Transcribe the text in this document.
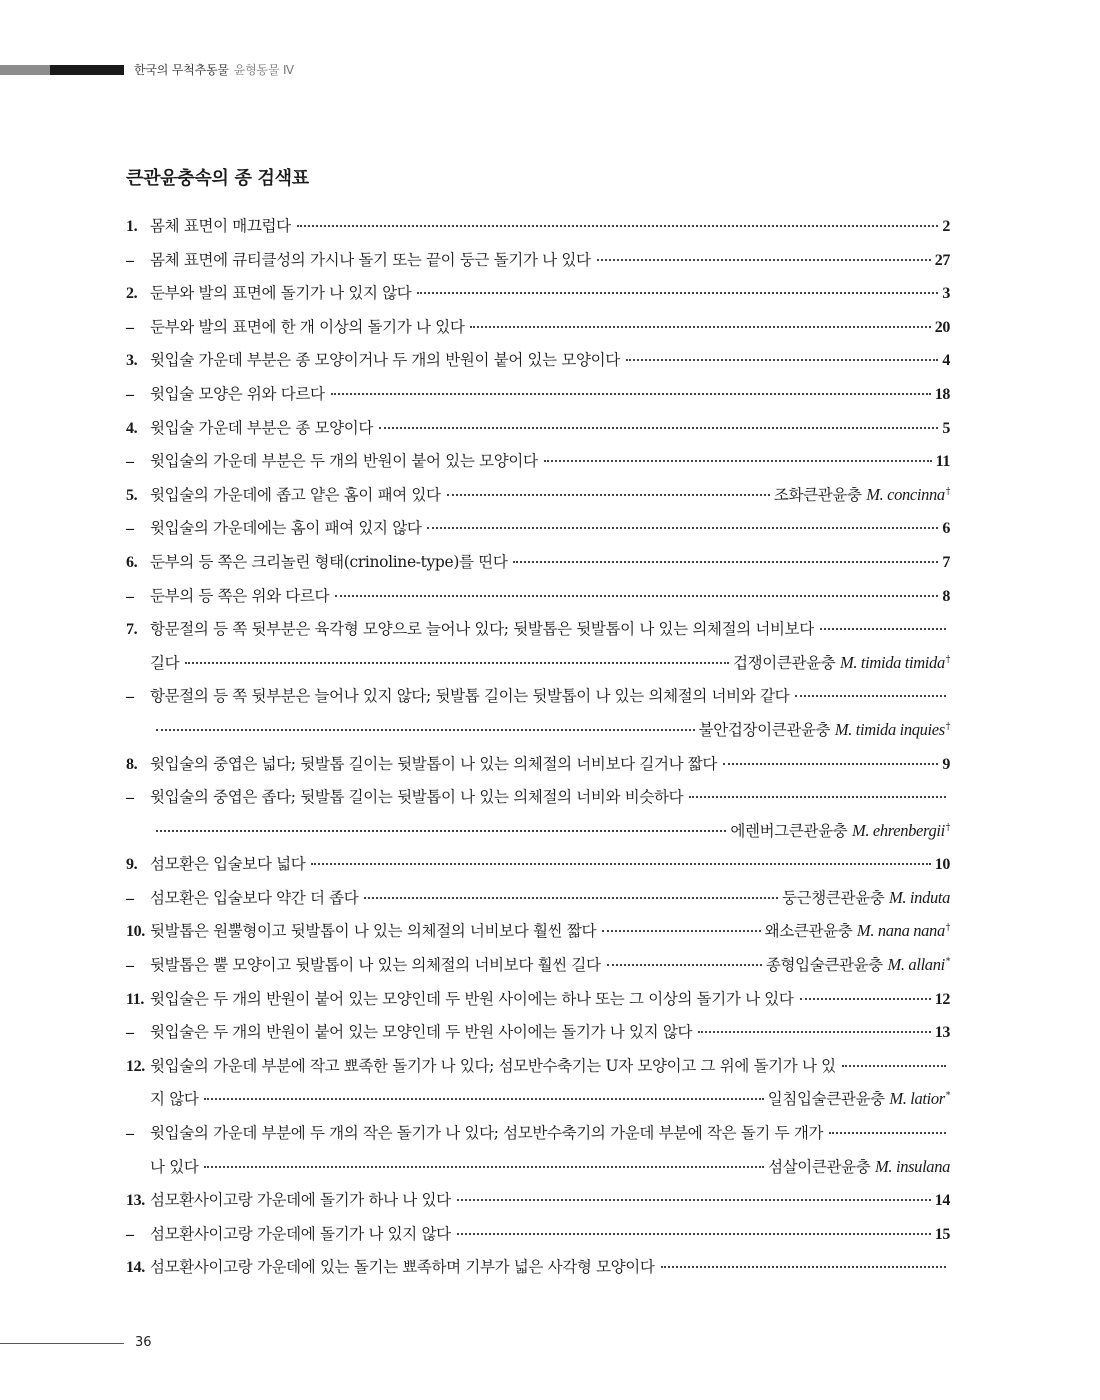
한국의 무척추동물 윤형동물 Ⅳ
큰관윤충속의 종 검색표
1. 몸체 표면이 매끄럽다	2
–	몸체 표면에 큐티클성의 가시나 돌기 또는 끝이 둥근 돌기가 나 있다	27
2. 둔부와 발의 표면에 돌기가 나 있지 않다	3
–	둔부와 발의 표면에 한 개 이상의 돌기가 나 있다	20
3. 윗입술 가운데 부분은 종 모양이거나 두 개의 반원이 붙어 있는 모양이다	4
–	윗입술 모양은 위와 다르다	18
4. 윗입술 가운데 부분은 종 모양이다	5
–	윗입술의 가운데 부분은 두 개의 반원이 붙어 있는 모양이다	11
5. 윗입술의 가운데에 좁고 얕은 홈이 패여 있다	조화큰관윤충 M. concinna†
–	윗입술의 가운데에는 홈이 패여 있지 않다	6
6. 둔부의 등 쪽은 크리놀린 형태(crinoline-type)를 띤다	7
–	둔부의 등 쪽은 위와 다르다	8
7. 항문절의 등 쪽 뒷부분은 육각형 모양으로 늘어나 있다; 뒷발톱은 뒷발톱이 나 있는 의체절의 너비보다
길다	겁쟁이큰관윤충 M. timida timida†
–	항문절의 등 쪽 뒷부분은 늘어나 있지 않다; 뒷발톱 길이는 뒷발톱이 나 있는 의체절의 너비와 같다
불안겁장이큰관윤충 M. timida inquies†
8. 윗입술의 중엽은 넓다; 뒷발톱 길이는 뒷발톱이 나 있는 의체절의 너비보다 길거나 짧다	9
–	윗입술의 중엽은 좁다; 뒷발톱 길이는 뒷발톱이 나 있는 의체절의 너비와 비슷하다
에렌버그큰관윤충 M. ehrenbergii†
9. 섬모환은 입술보다 넓다	10
–	섬모환은 입술보다 약간 더 좁다	둥근챙큰관윤충 M. induta
10. 뒷발톱은 원뿔형이고 뒷발톱이 나 있는 의체절의 너비보다 훨씬 짧다	왜소큰관윤충 M. nana nana†
–	뒷발톱은 뿔 모양이고 뒷발톱이 나 있는 의체절의 너비보다 훨씬 길다	종형입술큰관윤충 M. allani*
11. 윗입술은 두 개의 반원이 붙어 있는 모양인데 두 반원 사이에는 하나 또는 그 이상의 돌기가 나 있다	12
–	윗입술은 두 개의 반원이 붙어 있는 모양인데 두 반원 사이에는 돌기가 나 있지 않다	13
12. 윗입술의 가운데 부분에 작고 뾰족한 돌기가 나 있다; 섬모반수축기는 U자 모양이고 그 위에 돌기가 나 있
지 않다	일침입술큰관윤충 M. latior*
–	윗입술의 가운데 부분에 두 개의 작은 돌기가 나 있다; 섬모반수축기의 가운데 부분에 작은 돌기 두 개가
나 있다	섬살이큰관윤충 M. insulana
13. 섬모환사이고랑 가운데에 돌기가 하나 나 있다	14
–	섬모환사이고랑 가운데에 돌기가 나 있지 않다	15
14. 섬모환사이고랑 가운데에 있는 돌기는 뾰족하며 기부가 넓은 사각형 모양이다
36
